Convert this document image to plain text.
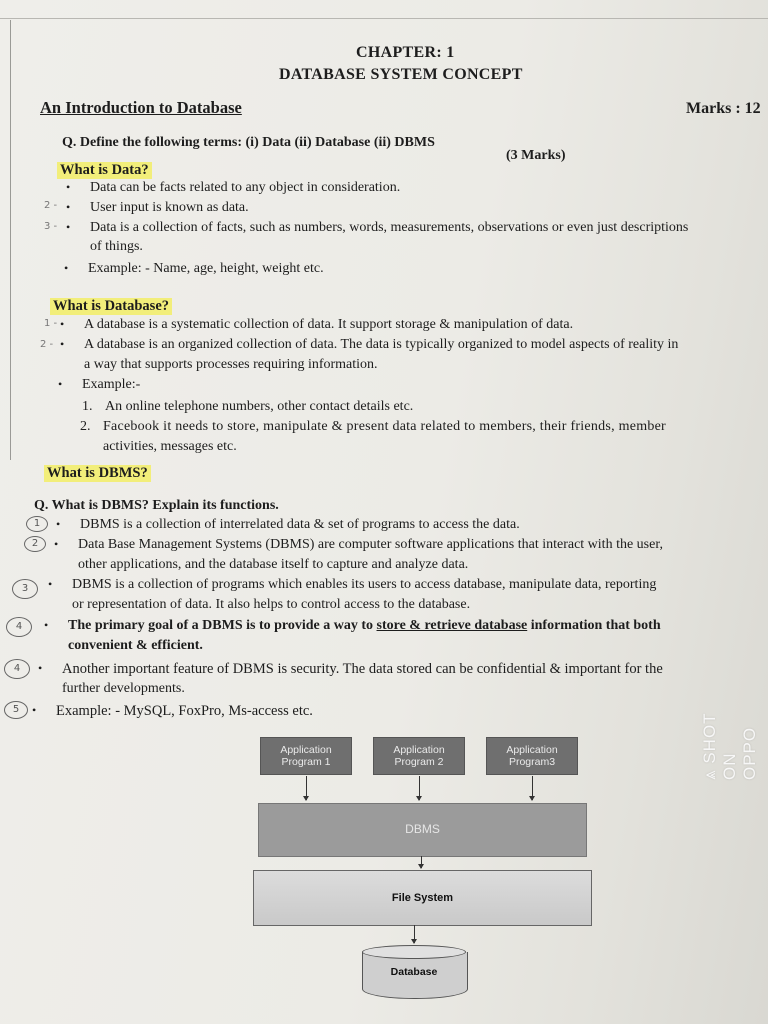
CHAPTER: 1
DATABASE SYSTEM CONCEPT
An Introduction to Database	Marks : 12
Q. Define the following terms: (i) Data (ii) Database (ii) DBMS
(3 Marks)
What is Data?
• Data can be facts related to any object in consideration.
2 - • User input is known as data.
3 - • Data is a collection of facts, such as numbers, words, measurements, observations or even just descriptions
of things.
• Example: - Name, age, height, weight etc.
What is Database?
1 - • A database is a systematic collection of data. It support storage & manipulation of data.
2 - • A database is an organized collection of data. The data is typically organized to model aspects of reality in
a way that supports processes requiring information.
• Example:-
1. An online telephone numbers, other contact details etc.
2. Facebook it needs to store, manipulate & present data related to members, their friends, member
activities, messages etc.
What is DBMS?
Q. What is DBMS? Explain its functions.
1	• DBMS is a collection of interrelated data & set of programs to access the data.
2	• Data Base Management Systems (DBMS) are computer software applications that interact with the user,
other applications, and the database itself to capture and analyze data.
3	• DBMS is a collection of programs which enables its users to access database, manipulate data, reporting
or representation of data. It also helps to control access to the database.
4	• The primary goal of a DBMS is to provide a way to store & retrieve database information that both
convenient & efficient.
4	• Another important feature of DBMS is security. The data stored can be confidential & important for the
further developments.
5	• Example: - MySQL, FoxPro, Ms-access etc.
Application Program 1
Application Program 2
Application Program3
DBMS
File System
Database
⩓ SHOT ON OPPO
